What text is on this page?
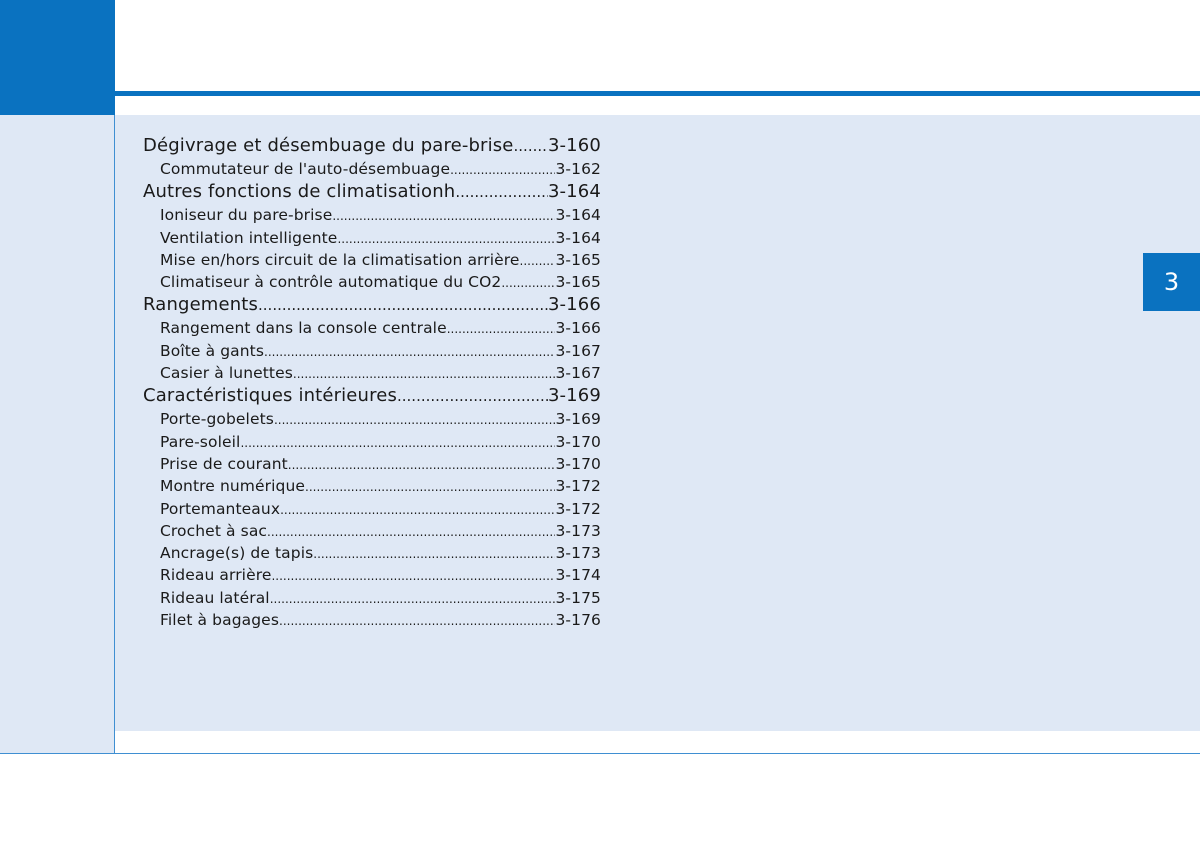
3
Dégivrage et désembuage du pare-brise ..... 3-160
Commutateur de l'auto-désembuage .....	3-162
Autres fonctions de climatisationh .....	3-164
Ioniseur du pare-brise .....	3-164
Ventilation intelligente .....	3-164
Mise en/hors circuit de la climatisation arrière ..... 3-165
Climatiseur à contrôle automatique du CO2 .....	3-165
Rangements .....	3-166
Rangement dans la console centrale .....	3-166
Boîte à gants .....	3-167
Casier à lunettes .....	3-167
Caractéristiques intérieures .....	3-169
Porte-gobelets .....	3-169
Pare-soleil .....	3-170
Prise de courant .....	3-170
Montre numérique .....	3-172
Portemanteaux .....	3-172
Crochet à sac .....	3-173
Ancrage(s) de tapis .....	3-173
Rideau arrière .....	3-174
Rideau latéral .....	3-175
Filet à bagages .....	3-176
